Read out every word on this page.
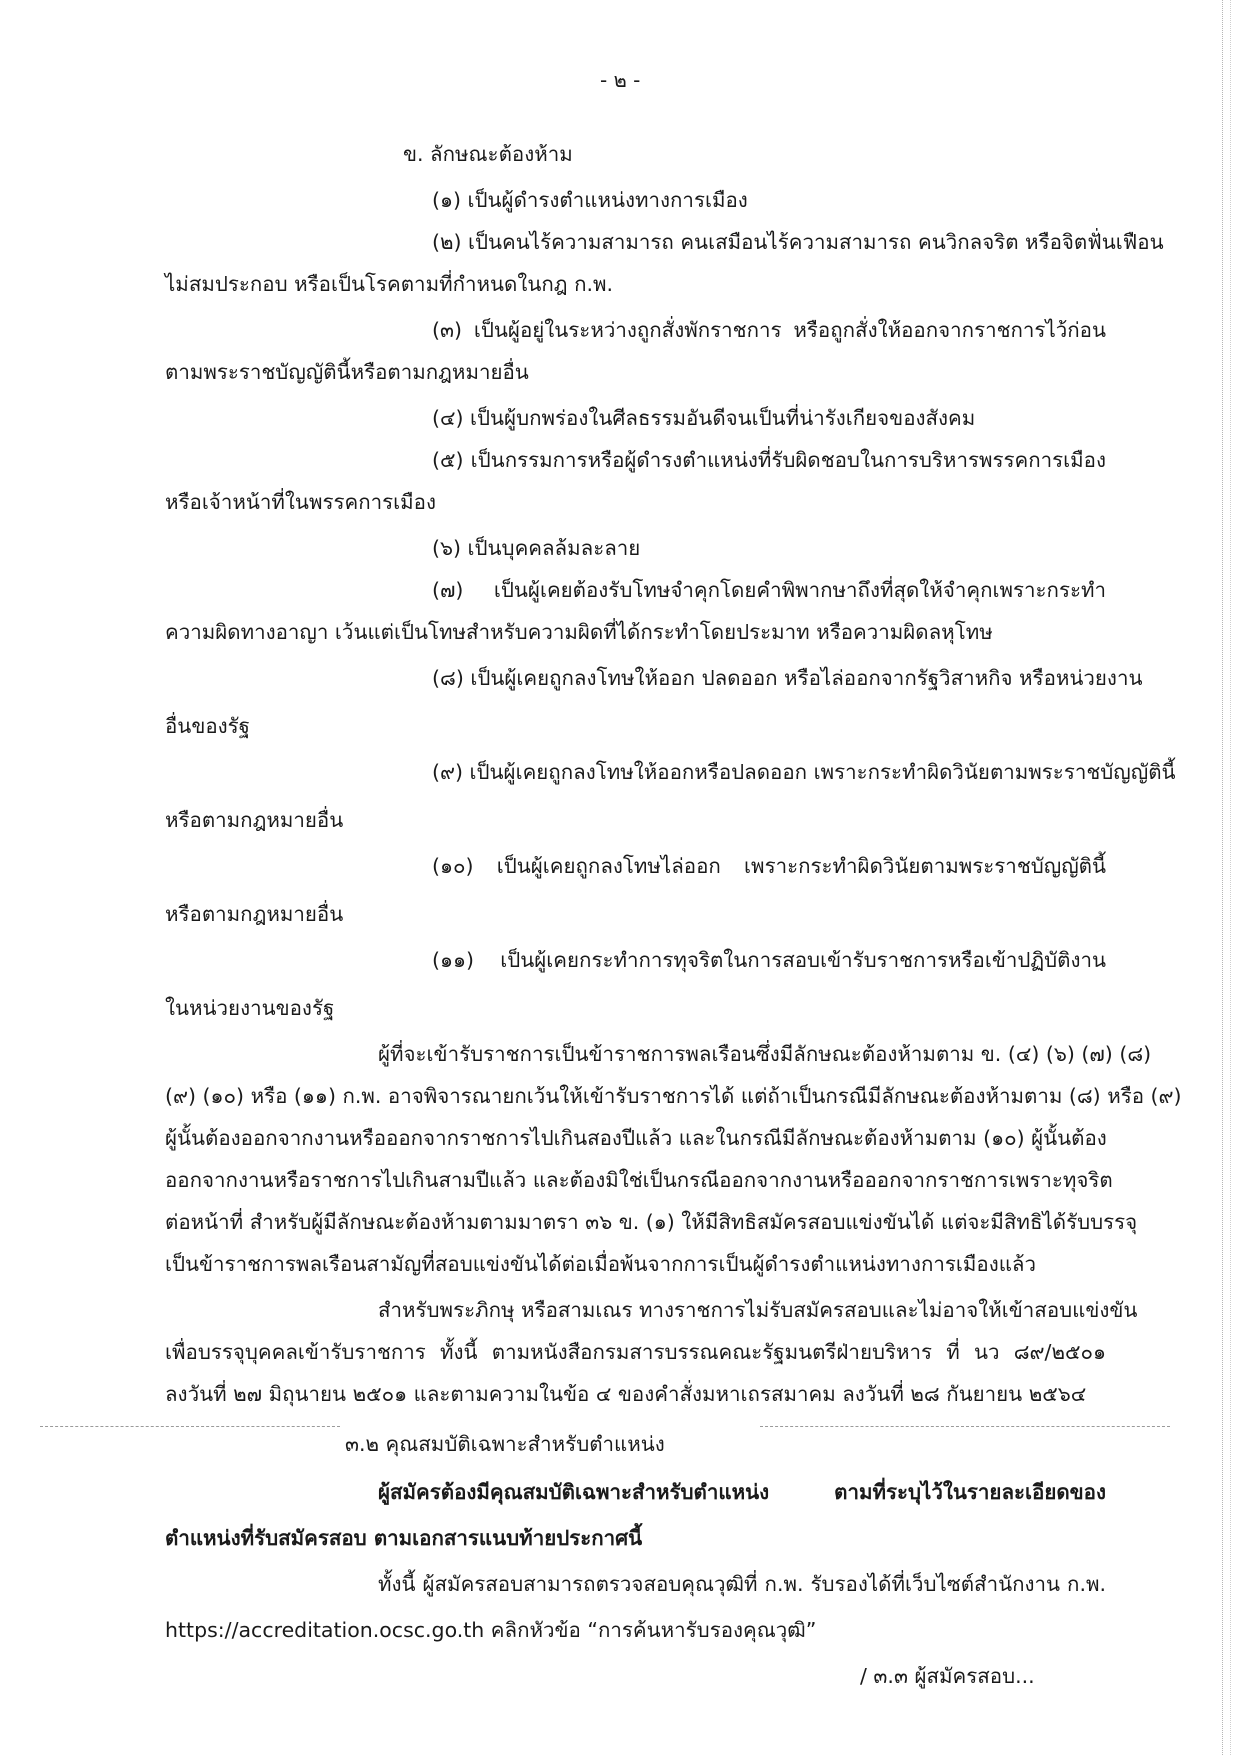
- ๒ -
ข. ลักษณะต้องห้าม
(๑) เป็นผู้ดำรงตำแหน่งทางการเมือง
(๒) เป็นคนไร้ความสามารถ คนเสมือนไร้ความสามารถ คนวิกลจริต หรือจิตฟั่นเฟือน
ไม่สมประกอบ หรือเป็นโรคตามที่กำหนดในกฎ ก.พ.
(๓) เป็นผู้อยู่ในระหว่างถูกสั่งพักราชการ หรือถูกสั่งให้ออกจากราชการไว้ก่อน
ตามพระราชบัญญัตินี้หรือตามกฎหมายอื่น
(๔) เป็นผู้บกพร่องในศีลธรรมอันดีจนเป็นที่น่ารังเกียจของสังคม
(๕) เป็นกรรมการหรือผู้ดำรงตำแหน่งที่รับผิดชอบในการบริหารพรรคการเมือง
หรือเจ้าหน้าที่ในพรรคการเมือง
(๖) เป็นบุคคลล้มละลาย
(๗) เป็นผู้เคยต้องรับโทษจำคุกโดยคำพิพากษาถึงที่สุดให้จำคุกเพราะกระทำ
ความผิดทางอาญา เว้นแต่เป็นโทษสำหรับความผิดที่ได้กระทำโดยประมาท หรือความผิดลหุโทษ
(๘) เป็นผู้เคยถูกลงโทษให้ออก ปลดออก หรือไล่ออกจากรัฐวิสาหกิจ หรือหน่วยงาน
อื่นของรัฐ
(๙) เป็นผู้เคยถูกลงโทษให้ออกหรือปลดออก เพราะกระทำผิดวินัยตามพระราชบัญญัตินี้
หรือตามกฎหมายอื่น
(๑๐) เป็นผู้เคยถูกลงโทษไล่ออก เพราะกระทำผิดวินัยตามพระราชบัญญัตินี้
หรือตามกฎหมายอื่น
(๑๑) เป็นผู้เคยกระทำการทุจริตในการสอบเข้ารับราชการหรือเข้าปฏิบัติงาน
ในหน่วยงานของรัฐ
ผู้ที่จะเข้ารับราชการเป็นข้าราชการพลเรือนซึ่งมีลักษณะต้องห้ามตาม ข. (๔) (๖) (๗) (๘)
(๙) (๑๐) หรือ (๑๑) ก.พ. อาจพิจารณายกเว้นให้เข้ารับราชการได้ แต่ถ้าเป็นกรณีมีลักษณะต้องห้ามตาม (๘) หรือ (๙)
ผู้นั้นต้องออกจากงานหรือออกจากราชการไปเกินสองปีแล้ว และในกรณีมีลักษณะต้องห้ามตาม (๑๐) ผู้นั้นต้อง
ออกจากงานหรือราชการไปเกินสามปีแล้ว และต้องมิใช่เป็นกรณีออกจากงานหรือออกจากราชการเพราะทุจริต
ต่อหน้าที่ สำหรับผู้มีลักษณะต้องห้ามตามมาตรา ๓๖ ข. (๑) ให้มีสิทธิสมัครสอบแข่งขันได้ แต่จะมีสิทธิได้รับบรรจุ
เป็นข้าราชการพลเรือนสามัญที่สอบแข่งขันได้ต่อเมื่อพ้นจากการเป็นผู้ดำรงตำแหน่งทางการเมืองแล้ว
สำหรับพระภิกษุ หรือสามเณร ทางราชการไม่รับสมัครสอบและไม่อาจให้เข้าสอบแข่งขัน
เพื่อบรรจุบุคคลเข้ารับราชการ ทั้งนี้ ตามหนังสือกรมสารบรรณคณะรัฐมนตรีฝ่ายบริหาร ที่ นว ๘๙/๒๕๐๑
ลงวันที่ ๒๗ มิถุนายน ๒๕๐๑ และตามความในข้อ ๔ ของคำสั่งมหาเถรสมาคม ลงวันที่ ๒๘ กันยายน ๒๕๖๔
๓.๒ คุณสมบัติเฉพาะสำหรับตำแหน่ง
ผู้สมัครต้องมีคุณสมบัติเฉพาะสำหรับตำแหน่ง ตามที่ระบุไว้ในรายละเอียดของ
ตำแหน่งที่รับสมัครสอบ ตามเอกสารแนบท้ายประกาศนี้
ทั้งนี้ ผู้สมัครสอบสามารถตรวจสอบคุณวุฒิที่ ก.พ. รับรองได้ที่เว็บไซต์สำนักงาน ก.พ.
https://accreditation.ocsc.go.th คลิกหัวข้อ “การค้นหารับรองคุณวุฒิ”
/ ๓.๓ ผู้สมัครสอบ...
